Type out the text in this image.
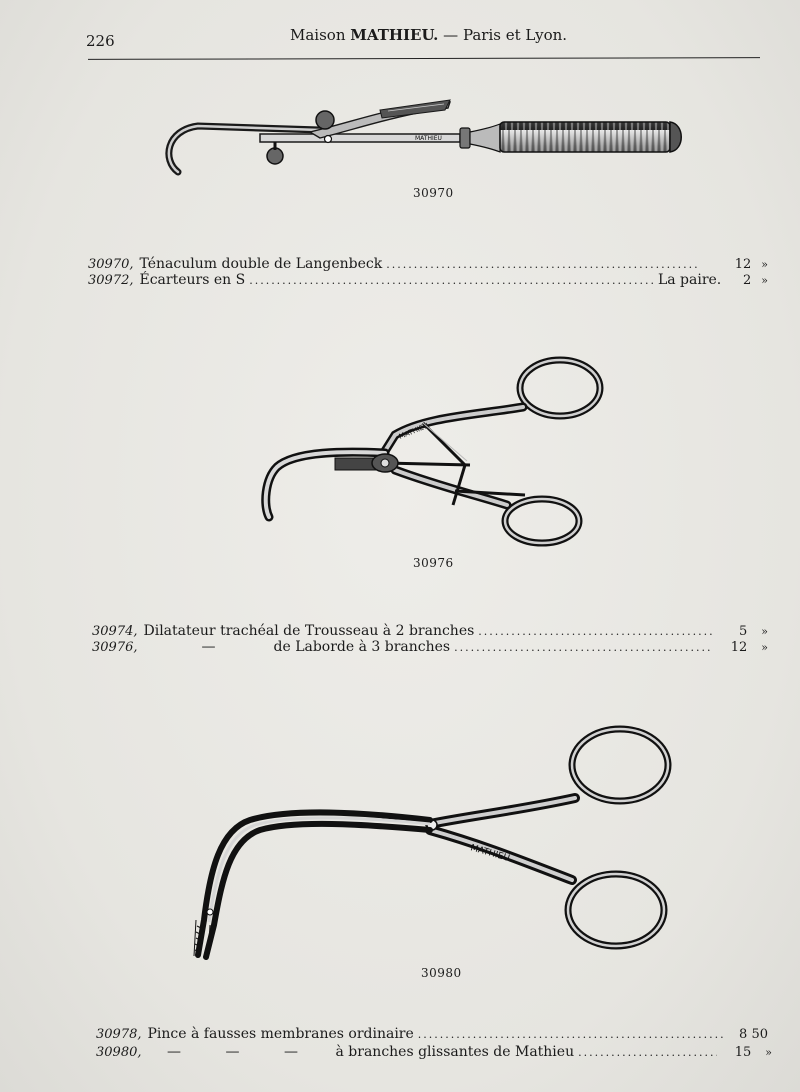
226	Maison MATHIEU. — Paris et Lyon.
MATHIEU
30970
30970, Ténaculum double de Langenbeck .....	12 »
30972, Écarteurs en S .....	La paire.	2 »
MATHIEU
30976
30974, Dilatateur trachéal de Trousseau à 2 branches .....	5 »
30976,	—	de Laborde à 3 branches .....	12 »
MATHIEU
30980
30978, Pince à fausses membranes ordinaire .....	8 50
30980,	—          —          —	à branches glissantes de Mathieu .....	15 »
